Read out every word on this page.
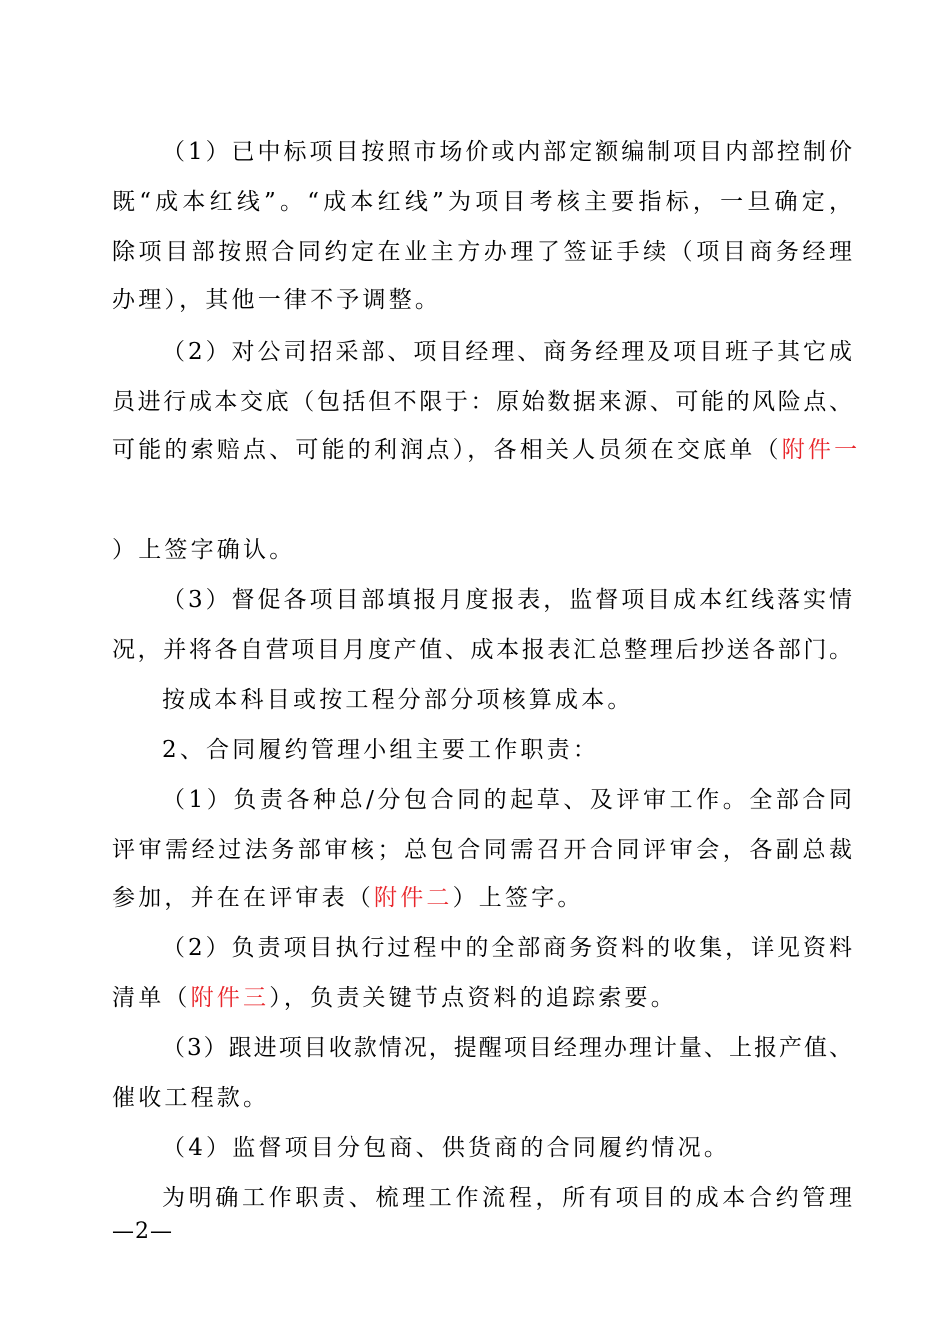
（1）已中标项目按照市场价或内部定额编制项目内部控制价
既“成本红线”。“成本红线”为项目考核主要指标，一旦确定，
除项目部按照合同约定在业主方办理了签证手续（项目商务经理
办理），其他一律不予调整。
（2）对公司招采部、项目经理、商务经理及项目班子其它成
员进行成本交底（包括但不限于：原始数据来源、可能的风险点、
可能的索赔点、可能的利润点），各相关人员须在交底单（附件一
）上签字确认。
（3）督促各项目部填报月度报表，监督项目成本红线落实情
况，并将各自营项目月度产值、成本报表汇总整理后抄送各部门。
按成本科目或按工程分部分项核算成本。
2、合同履约管理小组主要工作职责：
（1）负责各种总/分包合同的起草、及评审工作。全部合同
评审需经过法务部审核；总包合同需召开合同评审会，各副总裁
参加，并在在评审表（附件二）上签字。
（2）负责项目执行过程中的全部商务资料的收集，详见资料
清单（附件三），负责关键节点资料的追踪索要。
（3）跟进项目收款情况，提醒项目经理办理计量、上报产值、
催收工程款。
（4）监督项目分包商、供货商的合同履约情况。
为明确工作职责、梳理工作流程，所有项目的成本合约管理
—2—
